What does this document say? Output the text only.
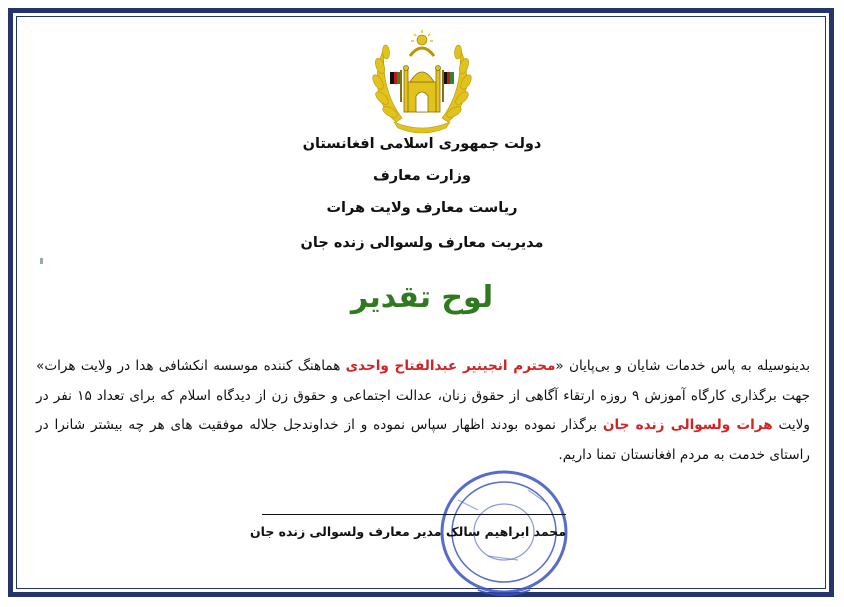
دولت جمهوری اسلامی افغانستان
وزارت معارف
ریاست معارف ولایت هرات
مدیریت معارف ولسوالی زنده جان
لوح تقدیر
بدینوسیله به پاس خدمات شایان و بی‌پایان «محترم انجینیر عبدالفتاح واحدی هماهنگ کننده موسسه انکشافی هدا در ولایت هرات» جهت برگذاری کارگاه آموزش ۹ روزه ارتقاء آگاهی از حقوق زنان، عدالت اجتماعی و حقوق زن از دیدگاه اسلام که برای تعداد ۱۵ نفر در ولایت هرات ولسوالی زنده جان برگذار نموده بودند اظهار سپاس نموده و از خداوندجل جلاله موفقیت های هر چه بیشتر شانرا در راستای خدمت به مردم افغانستان تمنا داریم.
محمد ابراهیم سالک مدیر معارف ولسوالی زنده جان
